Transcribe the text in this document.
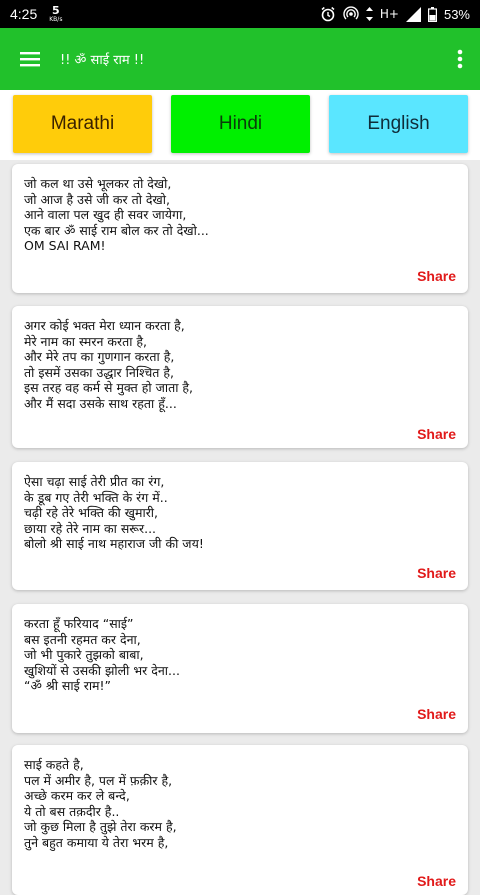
4:25 5
KB/s	H+	53%
!! ॐ साई राम !!
Marathi	Hindi	English
जो कल था उसे भूलकर तो देखो,
जो आज है उसे जी कर तो देखो,
आने वाला पल खुद ही सवर जायेगा,
एक बार ॐ साई राम बोल कर तो देखो...
OM SAI RAM!
Share
अगर कोई भक्त मेरा ध्यान करता है,
मेरे नाम का स्मरन करता है,
और मेरे तप का गुणगान करता है,
तो इसमें उसका उद्धार निश्चित है,
इस तरह वह कर्म से मुक्त हो जाता है,
और मैं सदा उसके साथ रहता हूँ...
Share
ऐसा चढ़ा साई तेरी प्रीत का रंग,
के डूब गए तेरी भक्ति के रंग में..
चढ़ी रहे तेरे भक्ति की खुमारी,
छाया रहे तेरे नाम का सरूर...
बोलो श्री साई नाथ महाराज जी की जय!
Share
करता हूँ फरियाद “साई”
बस इतनी रहमत कर देना,
जो भी पुकारे तुझको बाबा,
खुशियों से उसकी झोली भर देना...
“ॐ श्री साई राम!”
Share
साई कहते है,
पल में अमीर है, पल में फ़क़ीर है,
अच्छे करम कर ले बन्दे,
ये तो बस तक़दीर है..
जो कुछ मिला है तुझे तेरा करम है,
तुने बहुत कमाया ये तेरा भरम है,
Share
